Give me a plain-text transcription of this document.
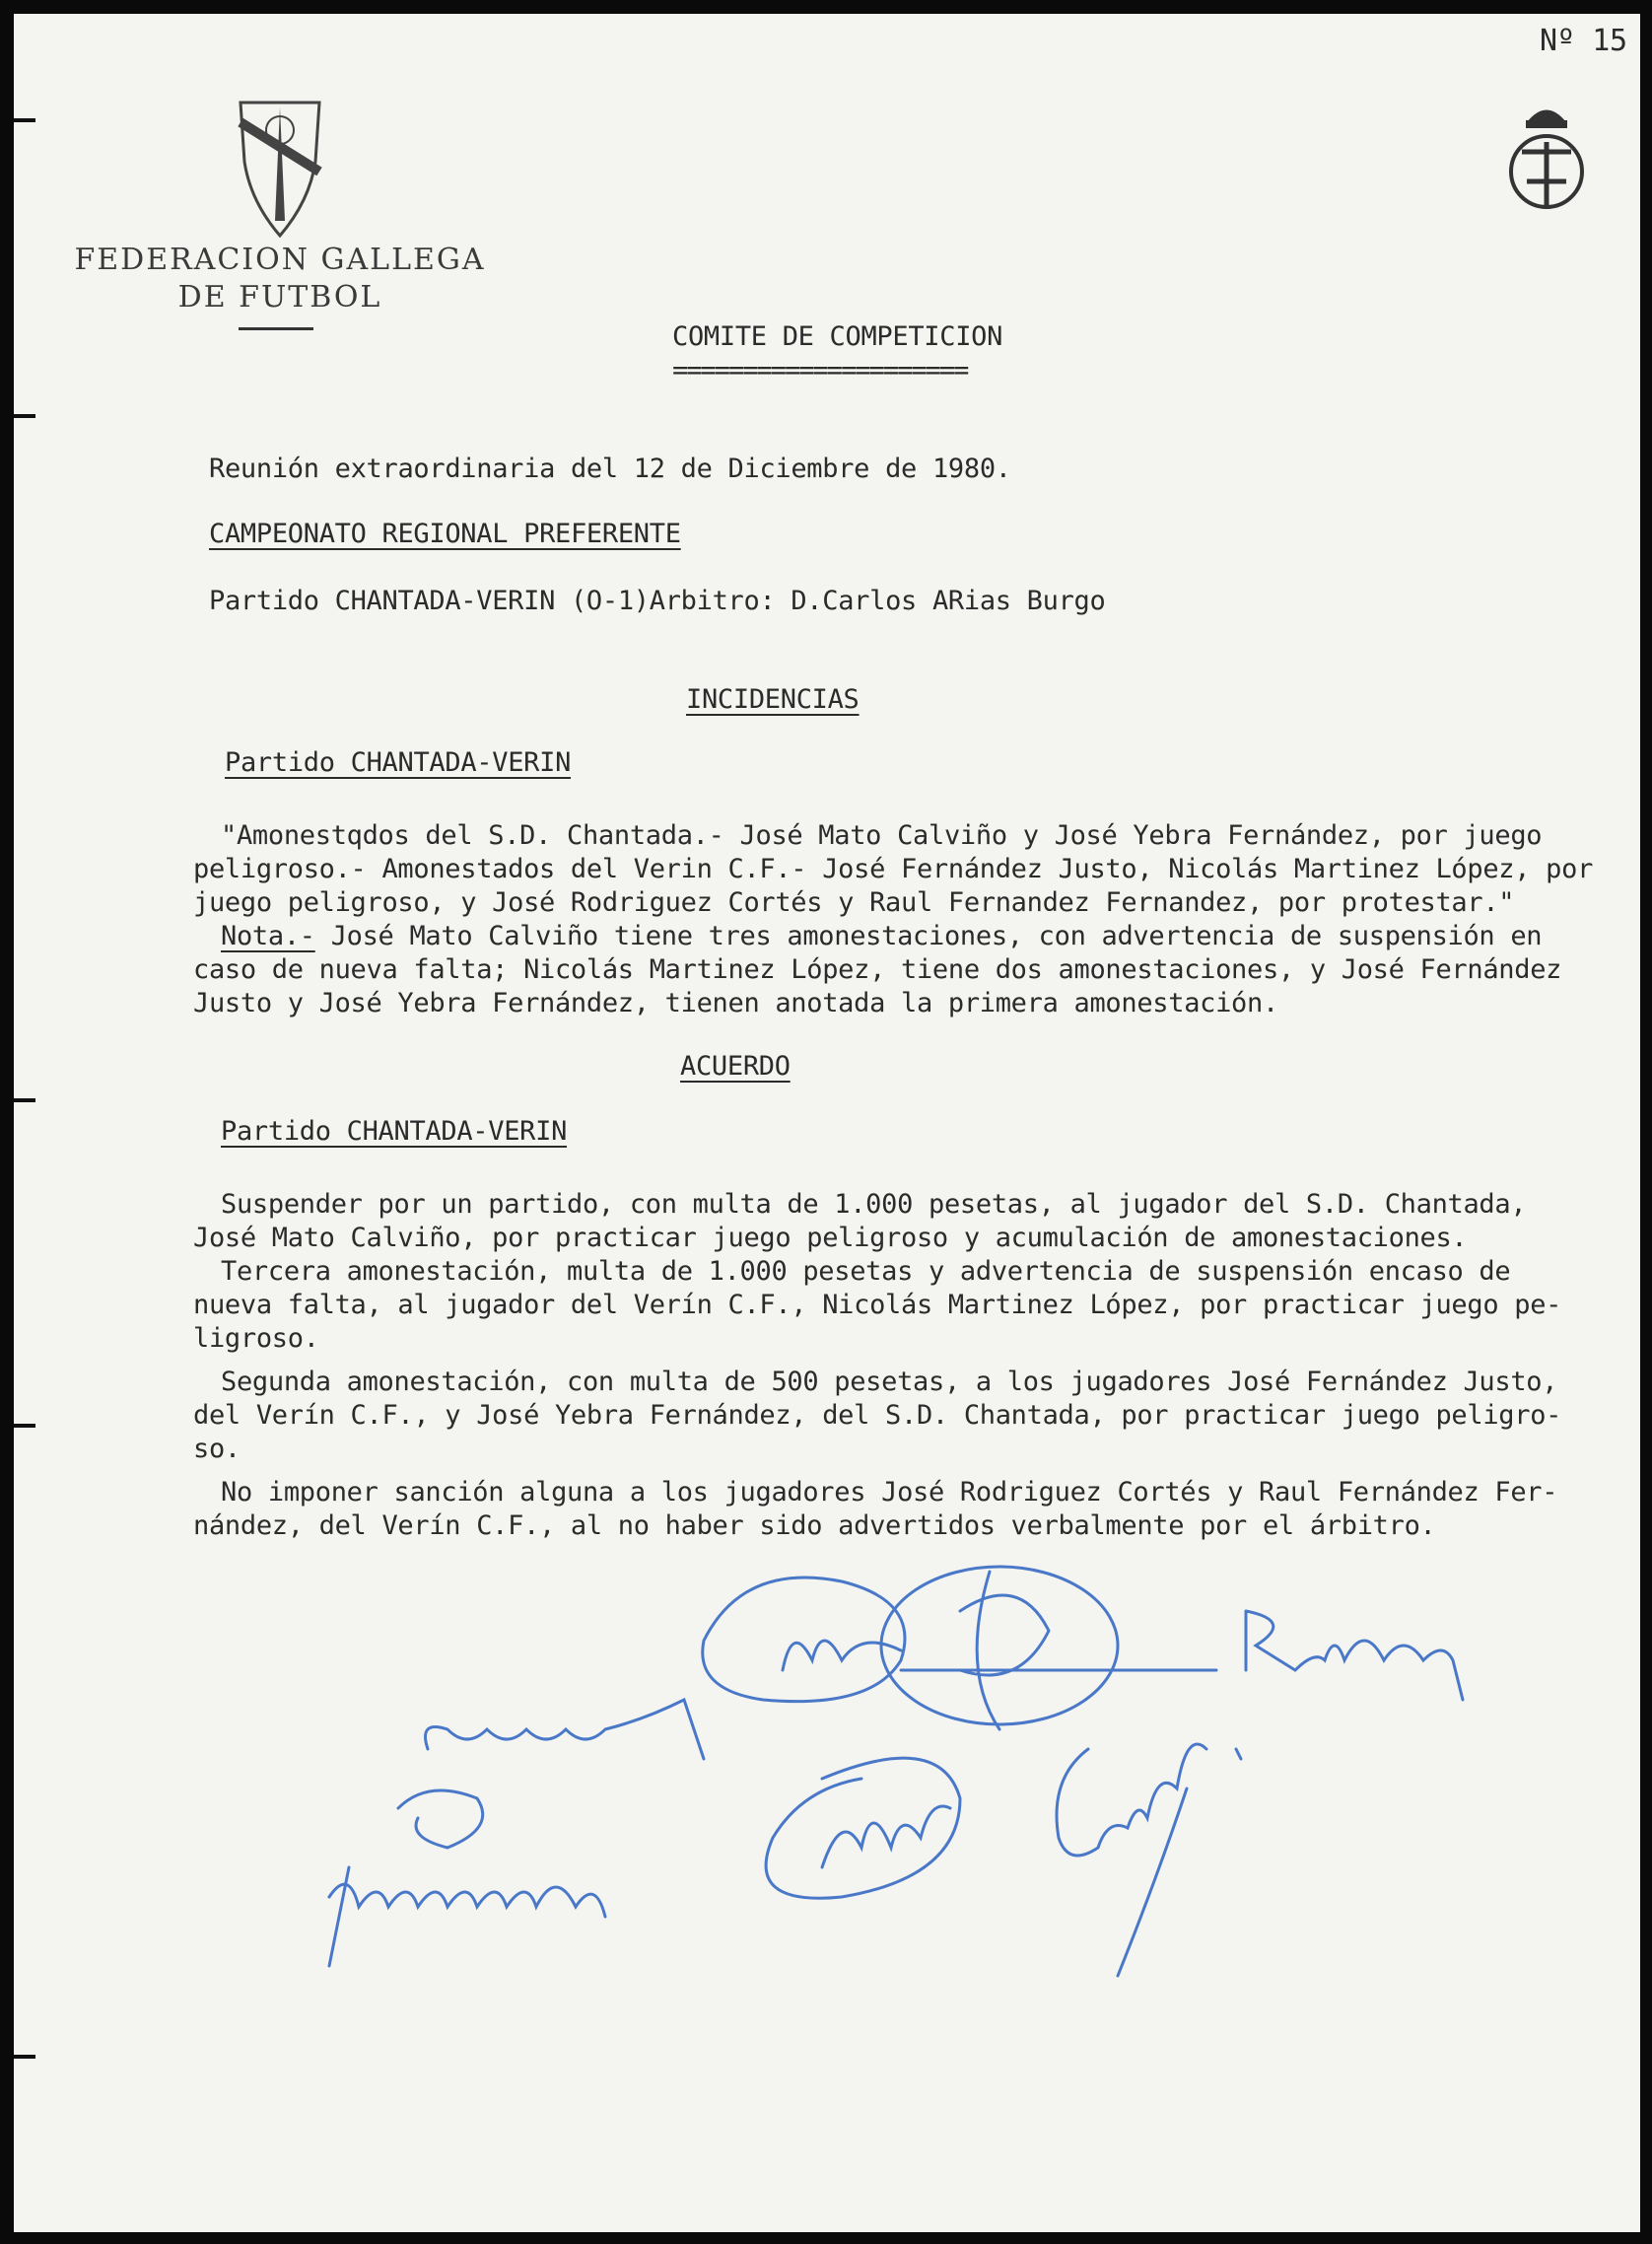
Nº 15
FEDERACION GALLEGA
DE FUTBOL
COMITE DE COMPETICION
=====================
Reunión extraordinaria del 12 de Diciembre de 1980.
CAMPEONATO REGIONAL PREFERENTE
Partido CHANTADA-VERIN (O-1)Arbitro: D.Carlos ARias Burgo
INCIDENCIAS
Partido CHANTADA-VERIN
"Amonestqdos del S.D. Chantada.- José Mato Calviño y José Yebra Fernández, por juego
peligroso.- Amonestados del Verin C.F.- José Fernández Justo, Nicolás Martinez López, por
juego peligroso, y José Rodriguez Cortés y Raul Fernandez Fernandez, por protestar."
Nota.- José Mato Calviño tiene tres amonestaciones, con advertencia de suspensión en
caso de nueva falta; Nicolás Martinez López, tiene dos amonestaciones, y José Fernández
Justo y José Yebra Fernández, tienen anotada la primera amonestación.
ACUERDO
Partido CHANTADA-VERIN
Suspender por un partido, con multa de 1.000 pesetas, al jugador del S.D. Chantada,
José Mato Calviño, por practicar juego peligroso y acumulación de amonestaciones.
Tercera amonestación, multa de 1.000 pesetas y advertencia de suspensión encaso de
nueva falta, al jugador del Verín C.F., Nicolás Martinez López, por practicar juego pe-
ligroso.
Segunda amonestación, con multa de 500 pesetas, a los jugadores José Fernández Justo,
del Verín C.F., y José Yebra Fernández, del S.D. Chantada, por practicar juego peligro-
so.
No imponer sanción alguna a los jugadores José Rodriguez Cortés y Raul Fernández Fer-
nández, del Verín C.F., al no haber sido advertidos verbalmente por el árbitro.
